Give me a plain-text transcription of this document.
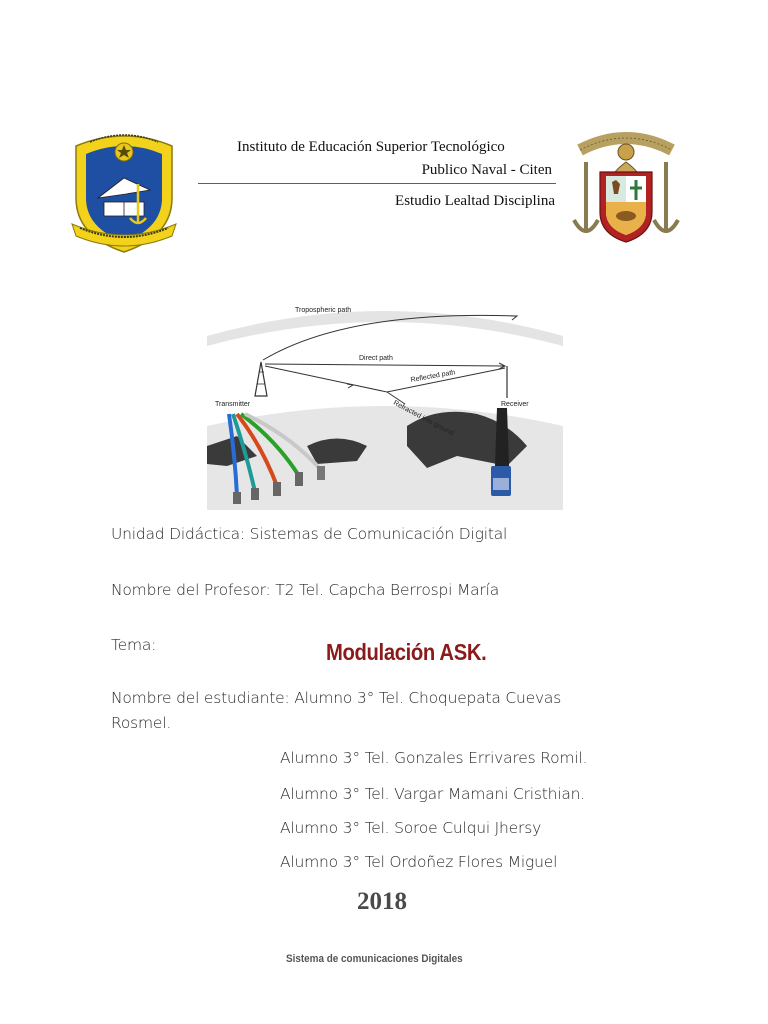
Instituto de Educación Superior Tecnológico
Publico Naval - Citen
Estudio Lealtad Disciplina
Tropospheric path
Direct path
Reflected path
Refracted into ground
Transmitter	Receiver
Unidad Didáctica: Sistemas de Comunicación Digital
Nombre del Profesor: T2 Tel. Capcha Berrospi María
Tema:	Modulación ASK.
Nombre del estudiante: Alumno 3° Tel. Choquepata Cuevas
Rosmel.
Alumno 3° Tel. Gonzales Errivares Romil.
Alumno 3° Tel. Vargar Mamani Cristhian.
Alumno 3° Tel. Soroe Culqui Jhersy
Alumno 3° Tel Ordoñez Flores Miguel
2018
Sistema de comunicaciones Digitales
